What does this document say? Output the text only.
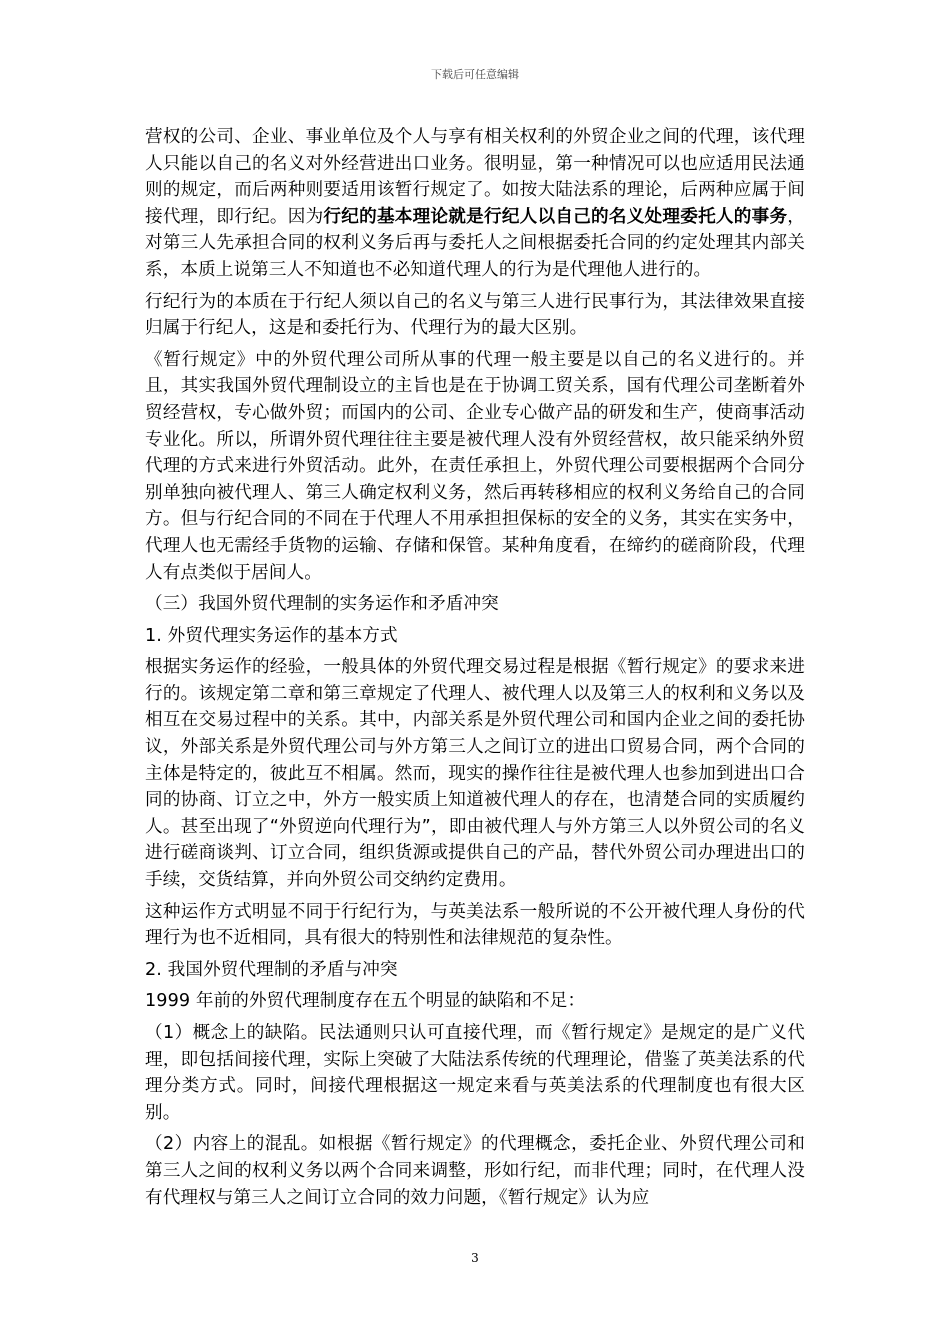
下载后可任意编辑

营权的公司、企业、事业单位及个人与享有相关权利的外贸企业之间的代理，该代理人只能以自己的名义对外经营进出口业务。很明显，第一种情况可以也应适用民法通则的规定，而后两种则要适用该暂行规定了。如按大陆法系的理论，后两种应属于间接代理，即行纪。因为行纪的基本理论就是行纪人以自己的名义处理委托人的事务，对第三人先承担合同的权利义务后再与委托人之间根据委托合同的约定处理其内部关系，本质上说第三人不知道也不必知道代理人的行为是代理他人进行的。

行纪行为的本质在于行纪人须以自己的名义与第三人进行民事行为，其法律效果直接归属于行纪人，这是和委托行为、代理行为的最大区别。

《暂行规定》中的外贸代理公司所从事的代理一般主要是以自己的名义进行的。并且，其实我国外贸代理制设立的主旨也是在于协调工贸关系，国有代理公司垄断着外贸经营权，专心做外贸；而国内的公司、企业专心做产品的研发和生产，使商事活动专业化。所以，所谓外贸代理往往主要是被代理人没有外贸经营权，故只能采纳外贸代理的方式来进行外贸活动。此外，在责任承担上，外贸代理公司要根据两个合同分别单独向被代理人、第三人确定权利义务，然后再转移相应的权利义务给自己的合同方。但与行纪合同的不同在于代理人不用承担担保标的安全的义务，其实在实务中，代理人也无需经手货物的运输、存储和保管。某种角度看，在缔约的磋商阶段，代理人有点类似于居间人。

（三）我国外贸代理制的实务运作和矛盾冲突

1. 外贸代理实务运作的基本方式

根据实务运作的经验，一般具体的外贸代理交易过程是根据《暂行规定》的要求来进行的。该规定第二章和第三章规定了代理人、被代理人以及第三人的权利和义务以及相互在交易过程中的关系。其中，内部关系是外贸代理公司和国内企业之间的委托协议，外部关系是外贸代理公司与外方第三人之间订立的进出口贸易合同，两个合同的主体是特定的，彼此互不相属。然而，现实的操作往往是被代理人也参加到进出口合同的协商、订立之中，外方一般实质上知道被代理人的存在，也清楚合同的实质履约人。甚至出现了“外贸逆向代理行为”，即由被代理人与外方第三人以外贸公司的名义进行磋商谈判、订立合同，组织货源或提供自己的产品，替代外贸公司办理进出口的手续，交货结算，并向外贸公司交纳约定费用。

这种运作方式明显不同于行纪行为，与英美法系一般所说的不公开被代理人身份的代理行为也不近相同，具有很大的特别性和法律规范的复杂性。

2. 我国外贸代理制的矛盾与冲突

1999 年前的外贸代理制度存在五个明显的缺陷和不足：

（1）概念上的缺陷。民法通则只认可直接代理，而《暂行规定》是规定的是广义代理，即包括间接代理，实际上突破了大陆法系传统的代理理论，借鉴了英美法系的代理分类方式。同时，间接代理根据这一规定来看与英美法系的代理制度也有很大区别。

（2）内容上的混乱。如根据《暂行规定》的代理概念，委托企业、外贸代理公司和第三人之间的权利义务以两个合同来调整，形如行纪，而非代理；同时，在代理人没有代理权与第三人之间订立合同的效力问题，《暂行规定》认为应

3
